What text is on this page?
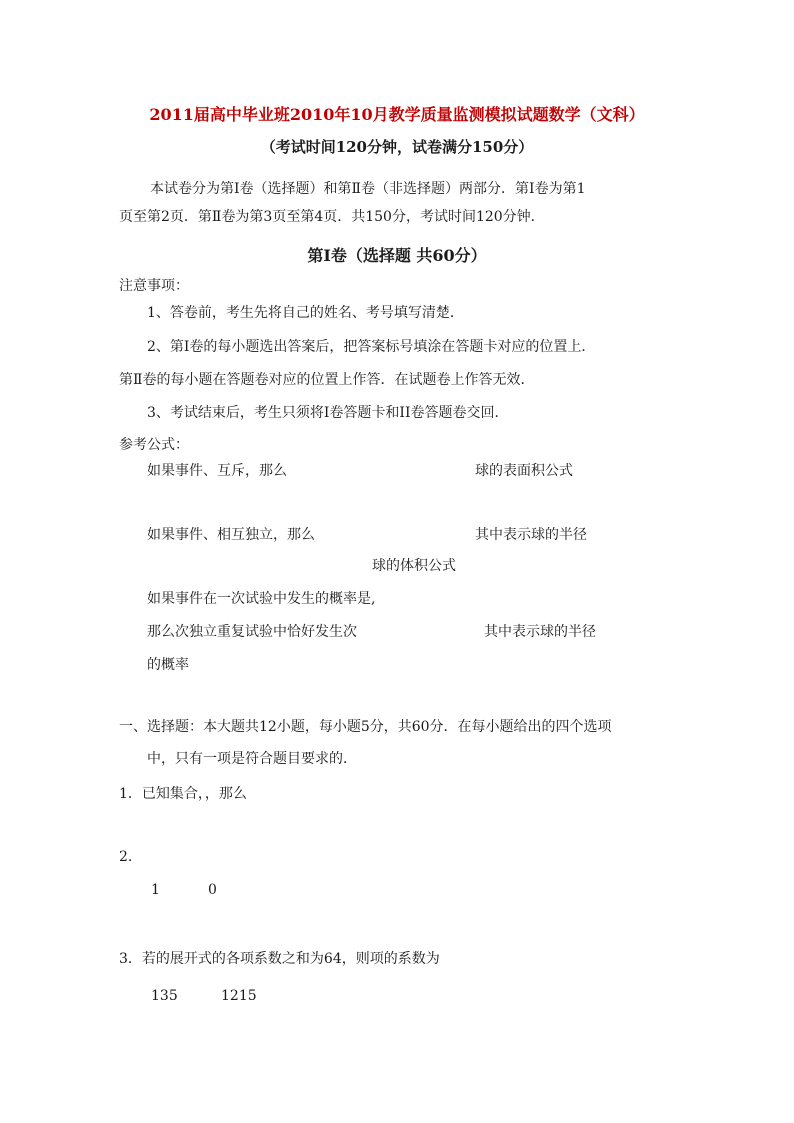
2011届高中毕业班2010年10月教学质量监测模拟试题数学（文科）
（考试时间120分钟，试卷满分150分）
本试卷分为第Ⅰ卷（选择题）和第Ⅱ卷（非选择题）两部分．第Ⅰ卷为第1
页至第2页．第Ⅱ卷为第3页至第4页．共150分，考试时间120分钟．
第Ⅰ卷（选择题 共60分）
注意事项：
1、答卷前，考生先将自己的姓名、考号填写清楚．
2、第Ⅰ卷的每小题选出答案后，把答案标号填涂在答题卡对应的位置上．
第Ⅱ卷的每小题在答题卷对应的位置上作答．在试题卷上作答无效．
3、考试结束后，考生只须将Ⅰ卷答题卡和II卷答题卷交回．
参考公式：
如果事件、互斥，那么	球的表面积公式
如果事件、相互独立，那么	其中表示球的半径
球的体积公式
如果事件在一次试验中发生的概率是,
那么次独立重复试验中恰好发生次	其中表示球的半径
的概率
一、选择题：本大题共12小题，每小题5分，共60分．在每小题给出的四个选项
中，只有一项是符合题目要求的．
1．已知集合，，那么
2.
1	0
3．若的展开式的各项系数之和为64，则项的系数为
135	1215
